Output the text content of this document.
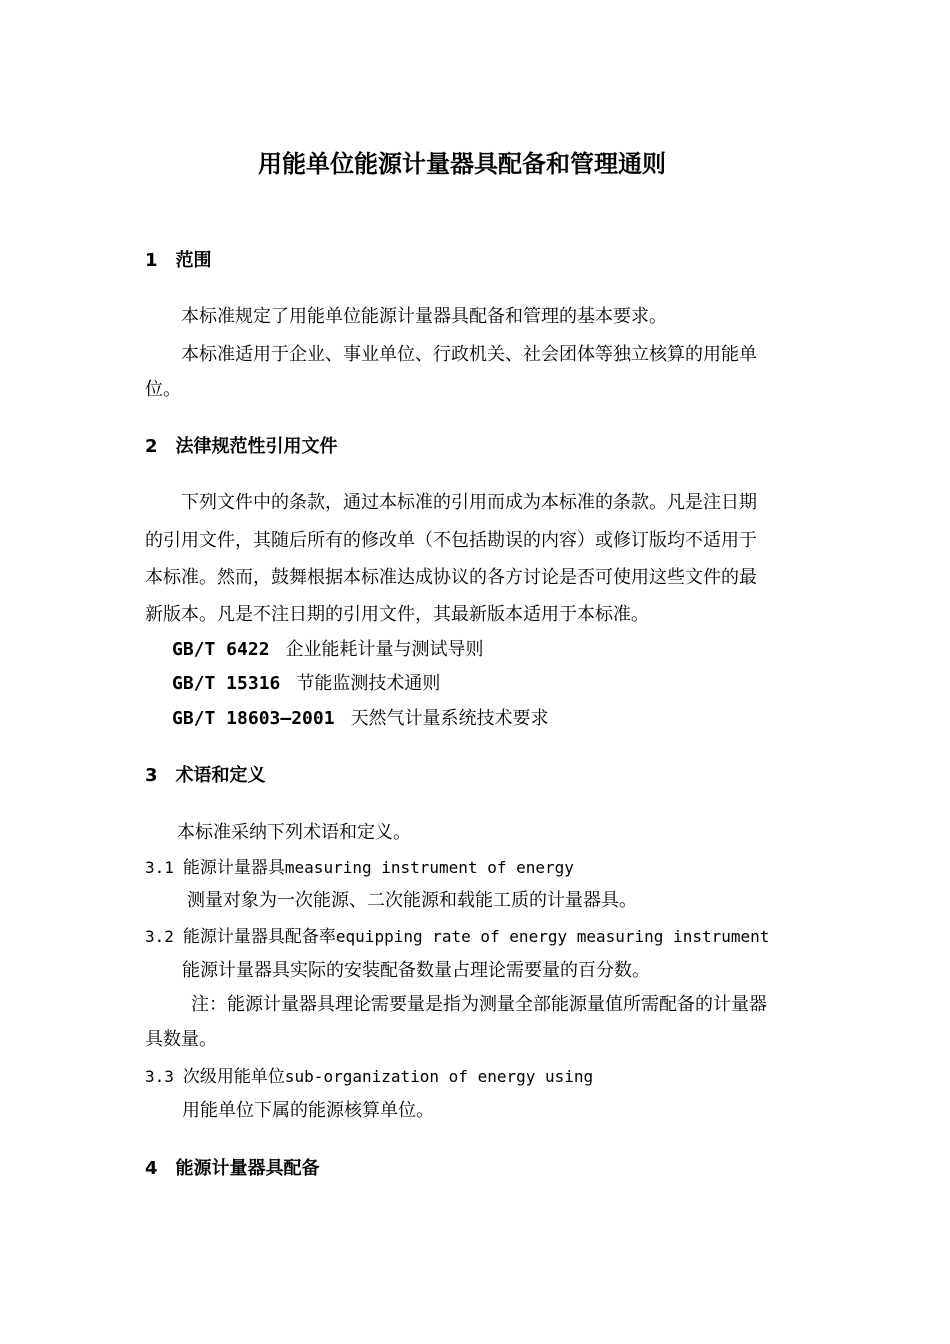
用能单位能源计量器具配备和管理通则
1 范围
本标准规定了用能单位能源计量器具配备和管理的基本要求。
本标准适用于企业、事业单位、行政机关、社会团体等独立核算的用能单
位。
2 法律规范性引用文件
下列文件中的条款，通过本标准的引用而成为本标准的条款。凡是注日期
的引用文件，其随后所有的修改单（不包括勘误的内容）或修订版均不适用于
本标准。然而，鼓舞根据本标准达成协议的各方讨论是否可使用这些文件的最
新版本。凡是不注日期的引用文件，其最新版本适用于本标准。
GB/T 6422 企业能耗计量与测试导则
GB/T 15316 节能监测技术通则
GB/T 18603—2001 天然气计量系统技术要求
3 术语和定义
本标准采纳下列术语和定义。
3.1 能源计量器具measuring instrument of energy
测量对象为一次能源、二次能源和载能工质的计量器具。
3.2 能源计量器具配备率equipping rate of energy measuring instrument
能源计量器具实际的安装配备数量占理论需要量的百分数。
注：能源计量器具理论需要量是指为测量全部能源量值所需配备的计量器
具数量。
3.3 次级用能单位sub-organization of energy using
用能单位下属的能源核算单位。
4 能源计量器具配备
